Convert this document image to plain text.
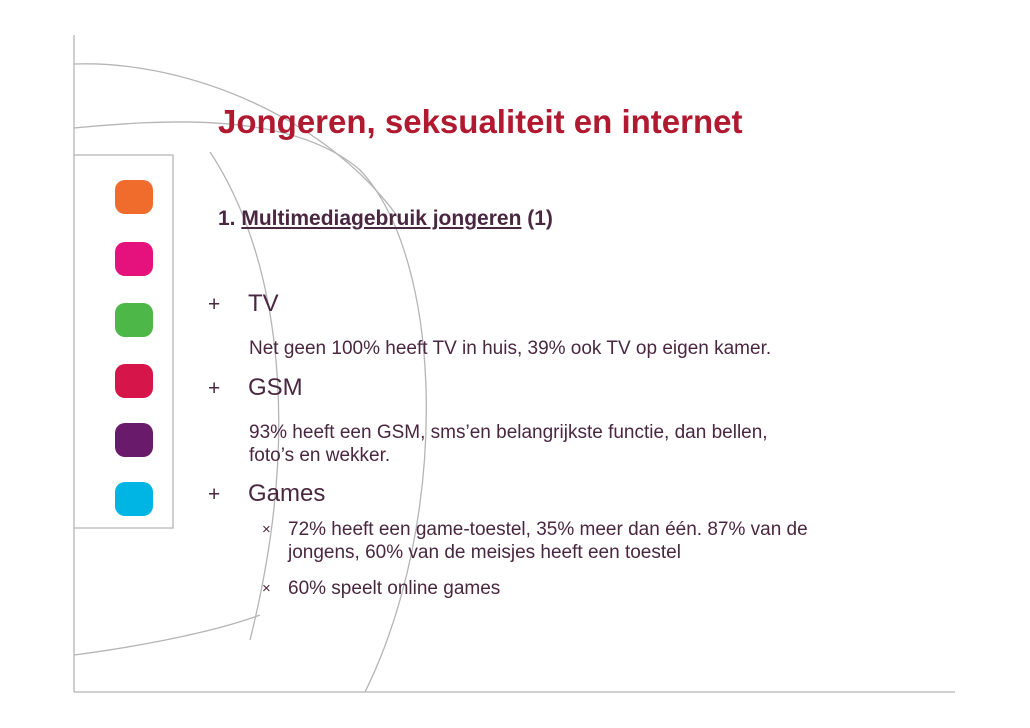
Jongeren, seksualiteit en internet
1. Multimediagebruik jongeren (1)
+ TV
Net geen 100% heeft TV in huis, 39% ook TV op eigen kamer.
+ GSM
93% heeft een GSM, sms’en belangrijkste functie, dan bellen,
foto’s en wekker.
+ Games
× 72% heeft een game-toestel, 35% meer dan één. 87% van de
jongens, 60% van de meisjes heeft een toestel
× 60% speelt online games
